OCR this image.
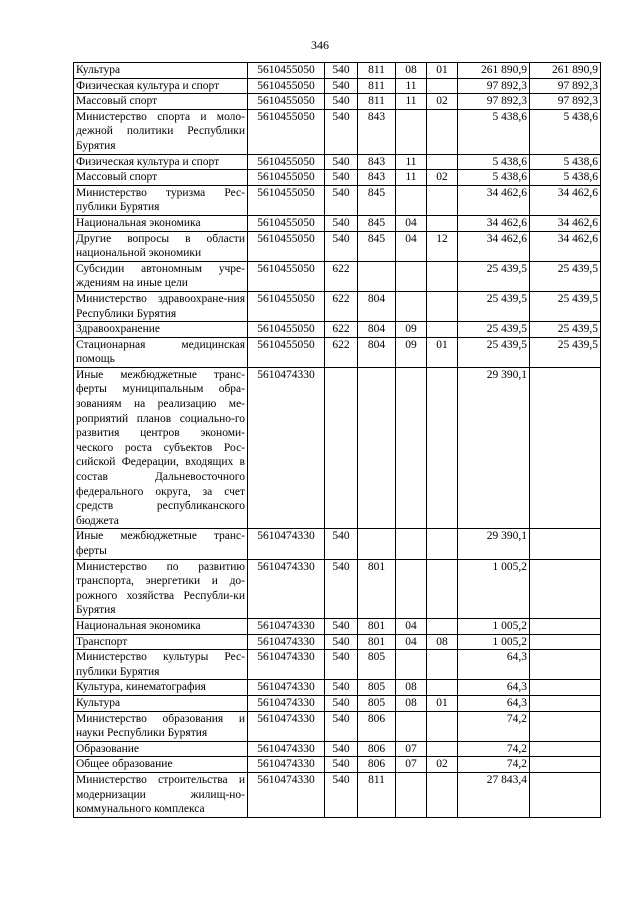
346
Культура	5610455050	540	811	08	01	261 890,9	261 890,9
Физическая культура и спорт	5610455050	540	811	11		97 892,3	97 892,3
Массовый спорт	5610455050	540	811	11	02	97 892,3	97 892,3
Министерство спорта и моло-дежной политики Республики Бурятия	5610455050	540	843			5 438,6	5 438,6
Физическая культура и спорт	5610455050	540	843	11		5 438,6	5 438,6
Массовый спорт	5610455050	540	843	11	02	5 438,6	5 438,6
Министерство туризма Рес-публики Бурятия	5610455050	540	845			34 462,6	34 462,6
Национальная экономика	5610455050	540	845	04		34 462,6	34 462,6
Другие вопросы в области национальной экономики	5610455050	540	845	04	12	34 462,6	34 462,6
Субсидии автономным учре-ждениям на иные цели	5610455050	622				25 439,5	25 439,5
Министерство здравоохране-ния Республики Бурятия	5610455050	622	804			25 439,5	25 439,5
Здравоохранение	5610455050	622	804	09		25 439,5	25 439,5
Стационарная медицинская помощь	5610455050	622	804	09	01	25 439,5	25 439,5
Иные межбюджетные транс-ферты муниципальным обра-зованиям на реализацию ме-роприятий планов социально-го развития центров экономи-ческого роста субъектов Рос-сийской Федерации, входящих в состав Дальневосточного федерального округа, за счет средств республиканского бюджета	5610474330					29 390,1	
Иные межбюджетные транс-ферты	5610474330	540				29 390,1	
Министерство по развитию транспорта, энергетики и до-рожного хозяйства Республи-ки Бурятия	5610474330	540	801			1 005,2	
Национальная экономика	5610474330	540	801	04		1 005,2	
Транспорт	5610474330	540	801	04	08	1 005,2	
Министерство культуры Рес-публики Бурятия	5610474330	540	805			64,3	
Культура, кинематография	5610474330	540	805	08		64,3	
Культура	5610474330	540	805	08	01	64,3	
Министерство образования и науки Республики Бурятия	5610474330	540	806			74,2	
Образование	5610474330	540	806	07		74,2	
Общее образование	5610474330	540	806	07	02	74,2	
Министерство строительства и модернизации жилищ-но-коммунального комплекса	5610474330	540	811			27 843,4	
